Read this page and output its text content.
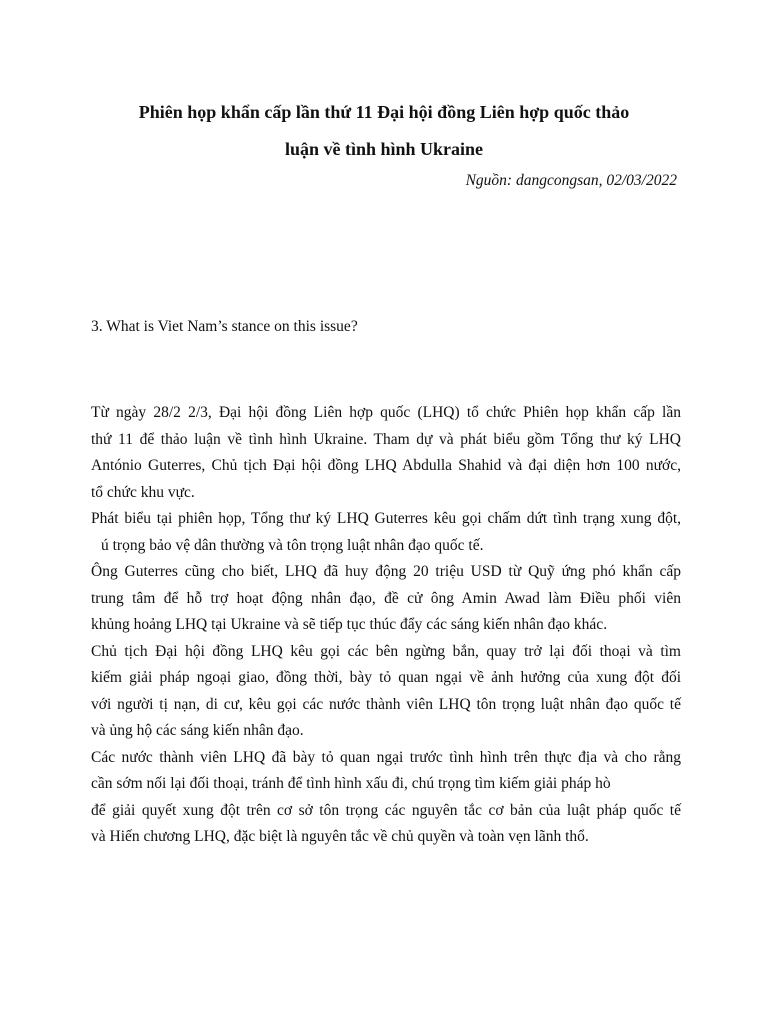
Phiên họp khẩn cấp lần thứ 11 Đại hội đồng Liên hợp quốc thảo
luận về tình hình Ukraine

Nguồn: dangcongsan, 02/03/2022

3. What is Viet Nam’s stance on this issue?

Từ ngày 28/2 2/3, Đại hội đồng Liên hợp quốc (LHQ) tổ chức Phiên họp khẩn cấp lần
thứ 11 để thảo luận về tình hình Ukraine. Tham dự và phát biểu gồm Tổng thư ký LHQ
António Guterres, Chủ tịch Đại hội đồng LHQ Abdulla Shahid và đại diện hơn 100 nước,
tổ chức khu vực.

Phát biểu tại phiên họp, Tổng thư ký LHQ Guterres kêu gọi chấm dứt tình trạng xung đột,
ú trọng bảo vệ dân thường và tôn trọng luật nhân đạo quốc tế.

Ông Guterres cũng cho biết, LHQ đã huy động 20 triệu USD từ Quỹ ứng phó khẩn cấp
trung tâm để hỗ trợ hoạt động nhân đạo, đề cử ông Amin Awad làm Điều phối viên
khủng hoảng LHQ tại Ukraine và sẽ tiếp tục thúc đẩy các sáng kiến nhân đạo khác.

Chủ tịch Đại hội đồng LHQ kêu gọi các bên ngừng bắn, quay trở lại đối thoại và tìm
kiếm giải pháp ngoại giao, đồng thời, bày tỏ quan ngại về ảnh hưởng của xung đột đối
với người tị nạn, di cư, kêu gọi các nước thành viên LHQ tôn trọng luật nhân đạo quốc tế
và ủng hộ các sáng kiến nhân đạo.

Các nước thành viên LHQ đã bày tỏ quan ngại trước tình hình trên thực địa và cho rằng
cần sớm nối lại đối thoại, tránh để tình hình xấu đi, chú trọng tìm kiếm giải pháp hò
để giải quyết xung đột trên cơ sở tôn trọng các nguyên tắc cơ bản của luật pháp quốc tế
và Hiến chương LHQ, đặc biệt là nguyên tắc về chủ quyền và toàn vẹn lãnh thổ.
